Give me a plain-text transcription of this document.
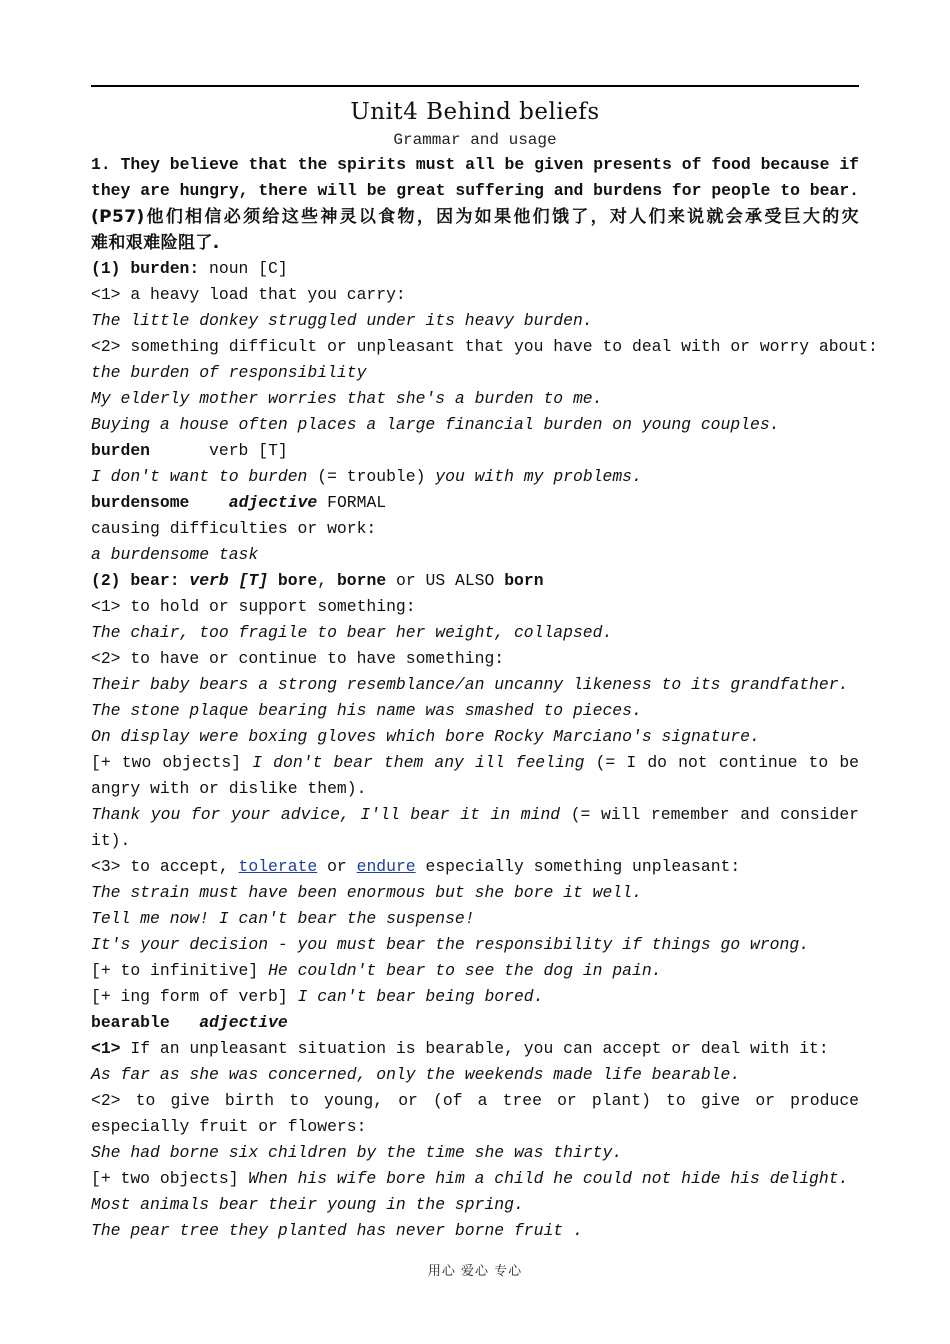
Unit4 Behind beliefs
Grammar and usage
1. They believe that the spirits must all be given presents of food because if
they are hungry, there will be great suffering and burdens for people to bear.
(P57)他们相信必须给这些神灵以食物，因为如果他们饿了，对人们来说就会承受巨大的灾
难和艰难险阻了.
(1) burden: noun [C]
<1> a heavy load that you carry:
The little donkey struggled under its heavy burden.
<2> something difficult or unpleasant that you have to deal with or worry about:
the burden of responsibility
My elderly mother worries that she's a burden to me.
Buying a house often places a large financial burden on young couples.
burden      verb [T]
I don't want to burden (= trouble) you with my problems.
burdensome adjective FORMAL
causing difficulties or work:
a burdensome task
(2) bear: verb [T] bore, borne or US ALSO born
<1> to hold or support something:
The chair, too fragile to bear her weight, collapsed.
<2> to have or continue to have something:
Their baby bears a strong resemblance/an uncanny likeness to its grandfather.
The stone plaque bearing his name was smashed to pieces.
On display were boxing gloves which bore Rocky Marciano's signature.
[+ two objects] I don't bear them any ill feeling (= I do not continue to be
angry with or dislike them).
Thank you for your advice, I'll bear it in mind (= will remember and consider
it).
<3> to accept, tolerate or endure especially something unpleasant:
The strain must have been enormous but she bore it well.
Tell me now! I can't bear the suspense!
It's your decision - you must bear the responsibility if things go wrong.
[+ to infinitive] He couldn't bear to see the dog in pain.
[+ ing form of verb] I can't bear being bored.
bearable adjective
<1> If an unpleasant situation is bearable, you can accept or deal with it:
As far as she was concerned, only the weekends made life bearable.
<2> to give birth to young, or (of a tree or plant) to give or produce
especially fruit or flowers:
She had borne six children by the time she was thirty.
[+ two objects] When his wife bore him a child he could not hide his delight.
Most animals bear their young in the spring.
The pear tree they planted has never borne fruit .
用心 爱心 专心
